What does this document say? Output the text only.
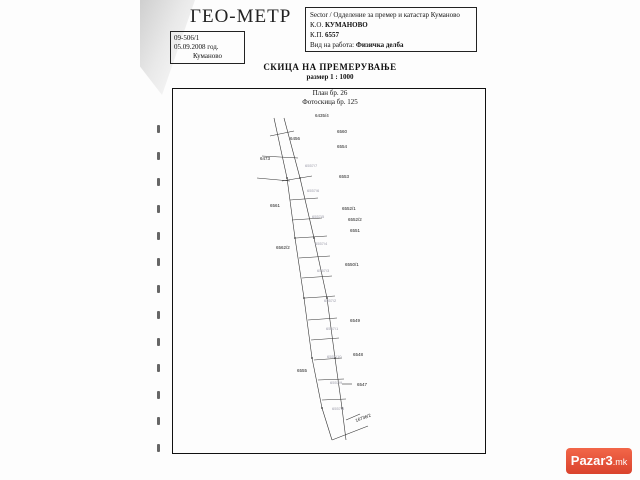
ГЕО-МЕТР
09-506/1
05.09.2008 год.
Куманово
Sector / Одделение за премер и катастар Куманово
К.О. КУМАНОВО
К.П. 6557
Вид на работа: Физичка делба
СКИЦА НА ПРЕМЕРУВАЊЕ
размер 1 : 1000
План бр. 26
Фотоскица бр. 125
6435/4
6456
6560
6473
6554
6553
6561
6552/1
6552/2
6551
6562/2
6550/1
6549
6548
6555
6547
16736/2
6557/7
6557/6
6557/5
6557/4
6557/3
6557/2
6557/1
6557/10
6557/9
6557/8
Pazar3.mk
